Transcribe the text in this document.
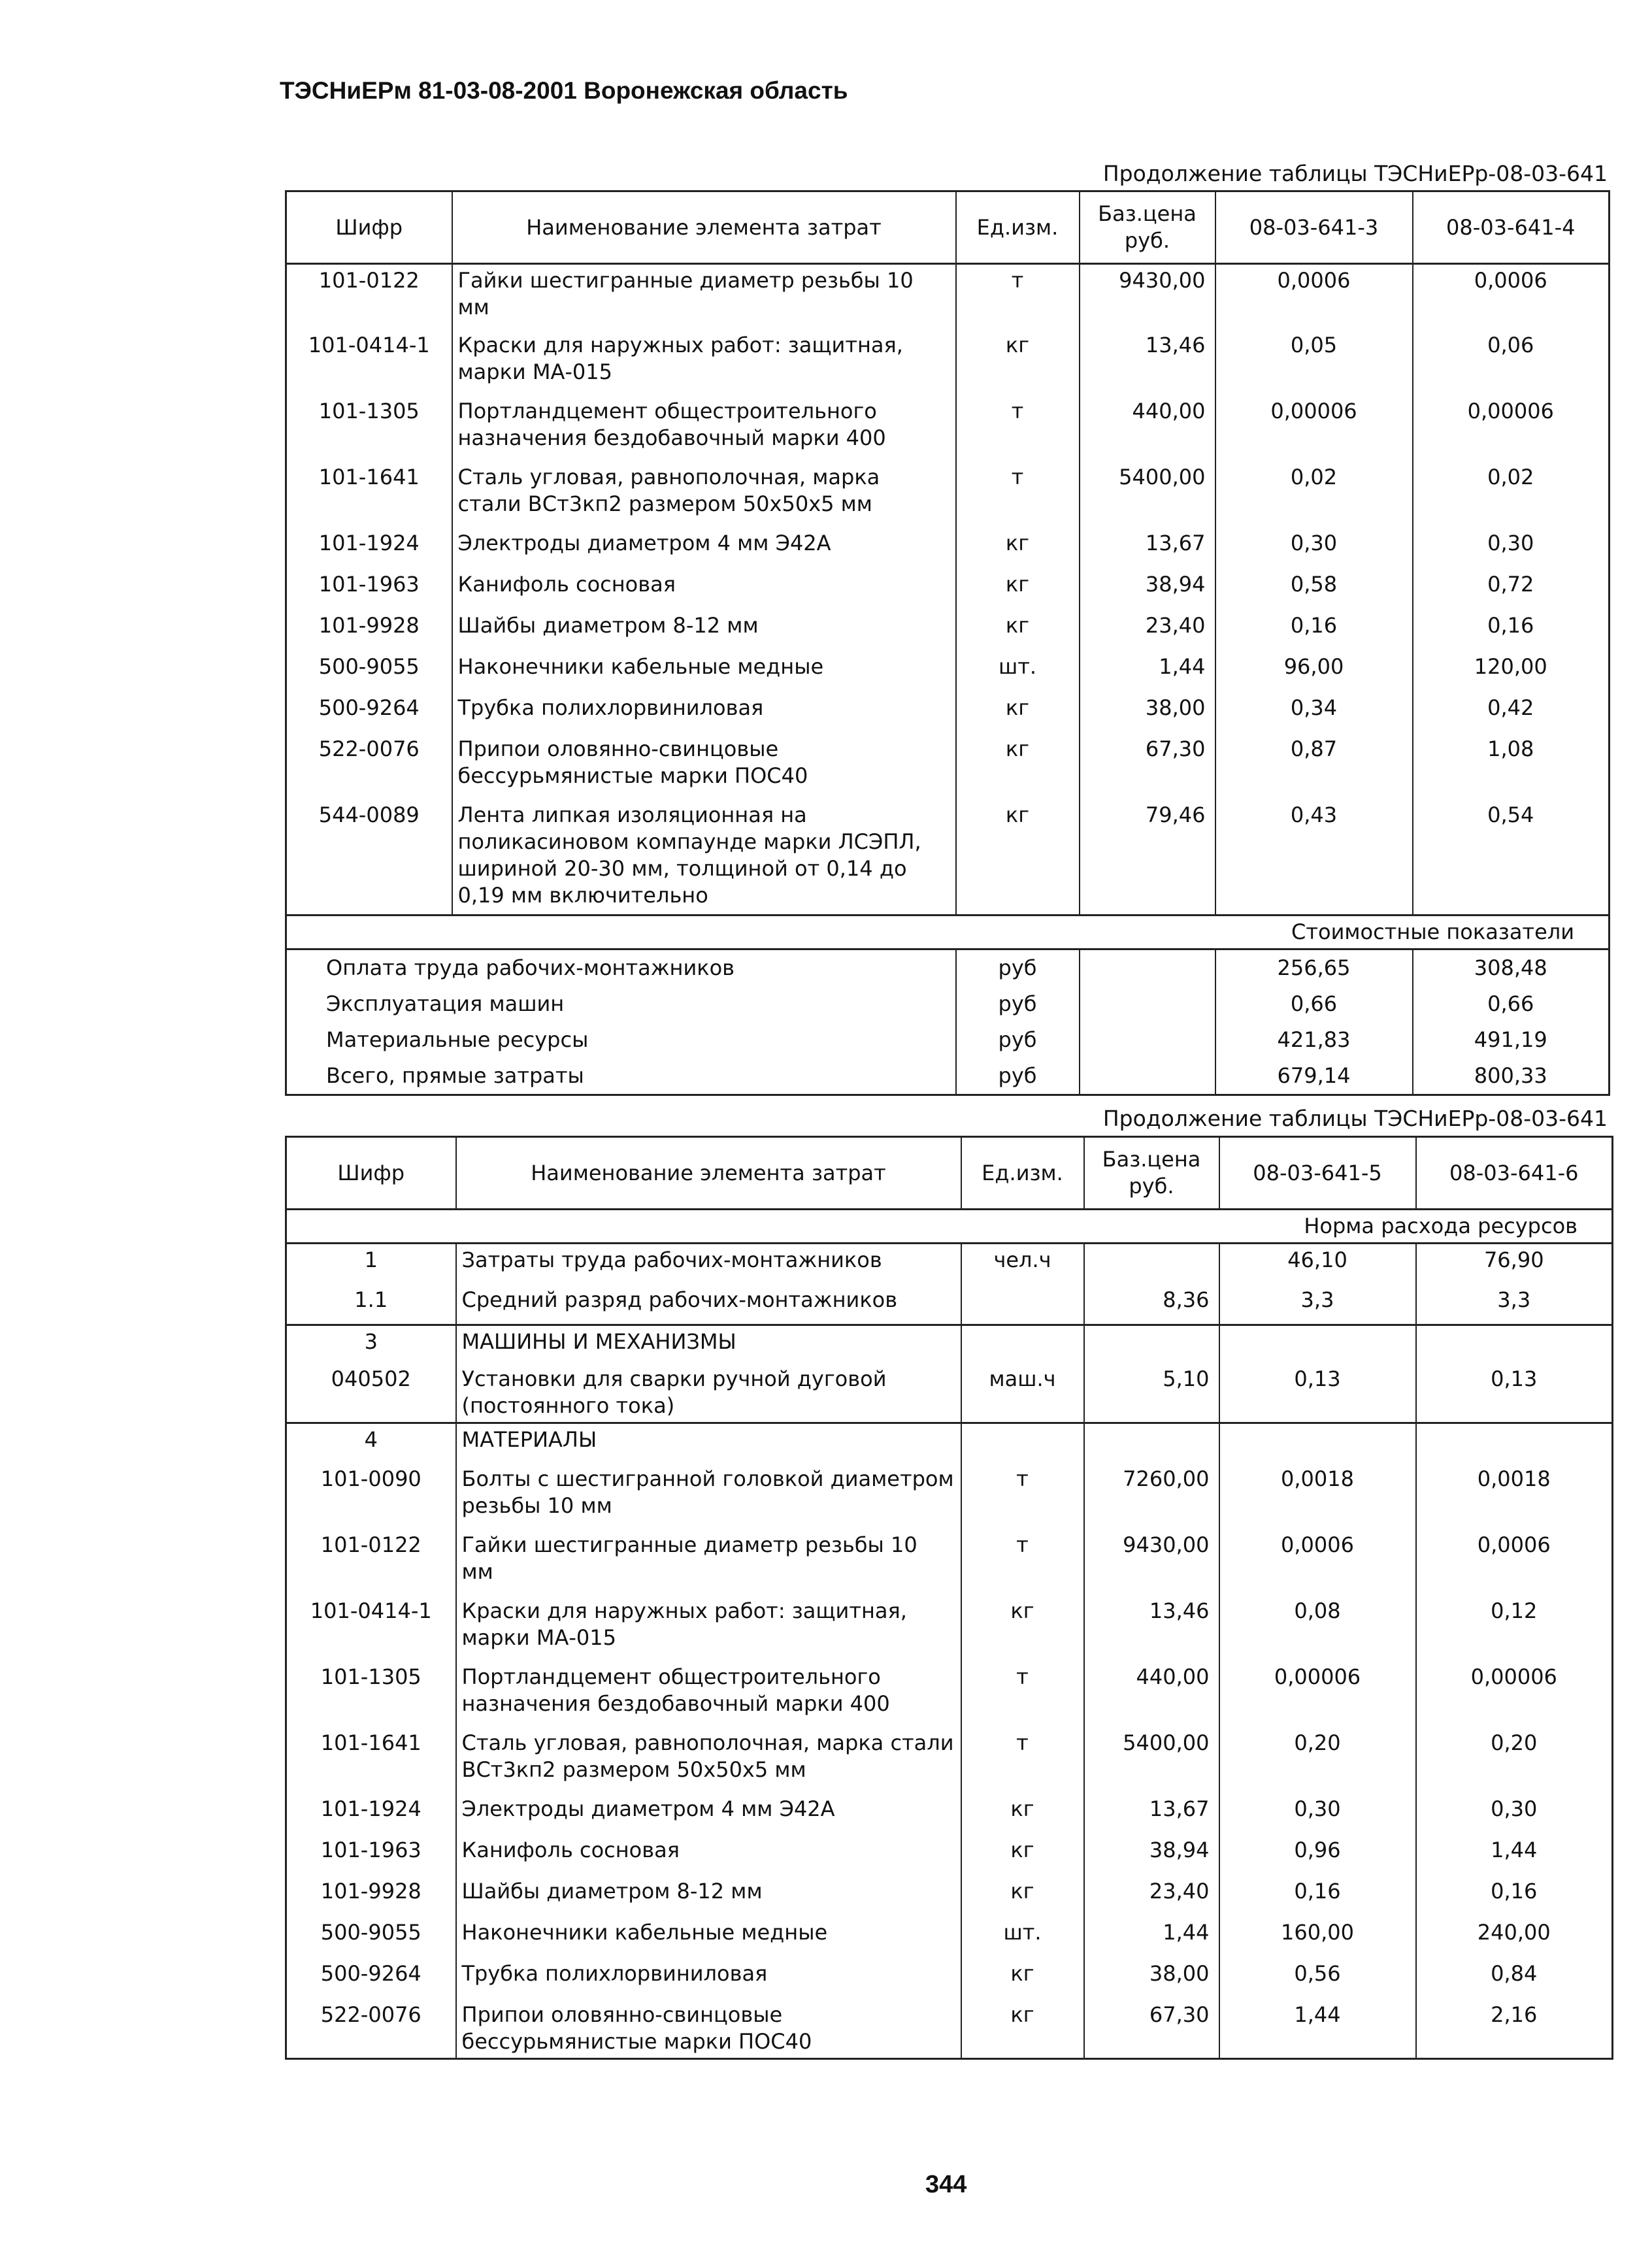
ТЭСНиЕРм 81-03-08-2001 Воронежская область
Продолжение таблицы ТЭСНиЕРр-08-03-641
Шифр	Наименование элемента затрат	Ед.изм.	Баз.цена руб.	08-03-641-3	08-03-641-4
101-0122	Гайки шестигранные диаметр резьбы 10 мм	т	9430,00	0,0006	0,0006
101-0414-1	Краски для наружных работ: защитная, марки МА-015	кг	13,46	0,05	0,06
101-1305	Портландцемент общестроительного назначения бездобавочный марки 400	т	440,00	0,00006	0,00006
101-1641	Сталь угловая, равнополочная, марка стали ВСт3кп2 размером 50x50x5 мм	т	5400,00	0,02	0,02
101-1924	Электроды диаметром 4 мм Э42А	кг	13,67	0,30	0,30
101-1963	Канифоль сосновая	кг	38,94	0,58	0,72
101-9928	Шайбы диаметром 8-12 мм	кг	23,40	0,16	0,16
500-9055	Наконечники кабельные медные	шт.	1,44	96,00	120,00
500-9264	Трубка полихлорвиниловая	кг	38,00	0,34	0,42
522-0076	Припои оловянно-свинцовые бессурьмянистые марки ПОС40	кг	67,30	0,87	1,08
544-0089	Лента липкая изоляционная на поликасиновом компаунде марки ЛСЭПЛ, шириной 20-30 мм, толщиной от 0,14 до 0,19 мм включительно	кг	79,46	0,43	0,54
Стоимостные показатели					
Оплата труда рабочих-монтажников		руб		256,65	308,48
Эксплуатация машин		руб		0,66	0,66
Материальные ресурсы		руб		421,83	491,19
Всего, прямые затраты		руб		679,14	800,33
Продолжение таблицы ТЭСНиЕРр-08-03-641
Шифр	Наименование элемента затрат	Ед.изм.	Баз.цена руб.	08-03-641-5	08-03-641-6
Норма расхода ресурсов					
1	Затраты труда рабочих-монтажников	чел.ч		46,10	76,90
1.1	Средний разряд рабочих-монтажников		8,36	3,3	3,3
3	МАШИНЫ И МЕХАНИЗМЫ				
040502	Установки для сварки ручной дуговой (постоянного тока)	маш.ч	5,10	0,13	0,13
4	МАТЕРИАЛЫ				
101-0090	Болты с шестигранной головкой диаметром резьбы 10 мм	т	7260,00	0,0018	0,0018
101-0122	Гайки шестигранные диаметр резьбы 10 мм	т	9430,00	0,0006	0,0006
101-0414-1	Краски для наружных работ: защитная, марки МА-015	кг	13,46	0,08	0,12
101-1305	Портландцемент общестроительного назначения бездобавочный марки 400	т	440,00	0,00006	0,00006
101-1641	Сталь угловая, равнополочная, марка стали ВСт3кп2 размером 50x50x5 мм	т	5400,00	0,20	0,20
101-1924	Электроды диаметром 4 мм Э42А	кг	13,67	0,30	0,30
101-1963	Канифоль сосновая	кг	38,94	0,96	1,44
101-9928	Шайбы диаметром 8-12 мм	кг	23,40	0,16	0,16
500-9055	Наконечники кабельные медные	шт.	1,44	160,00	240,00
500-9264	Трубка полихлорвиниловая	кг	38,00	0,56	0,84
522-0076	Припои оловянно-свинцовые бессурьмянистые марки ПОС40	кг	67,30	1,44	2,16
344
